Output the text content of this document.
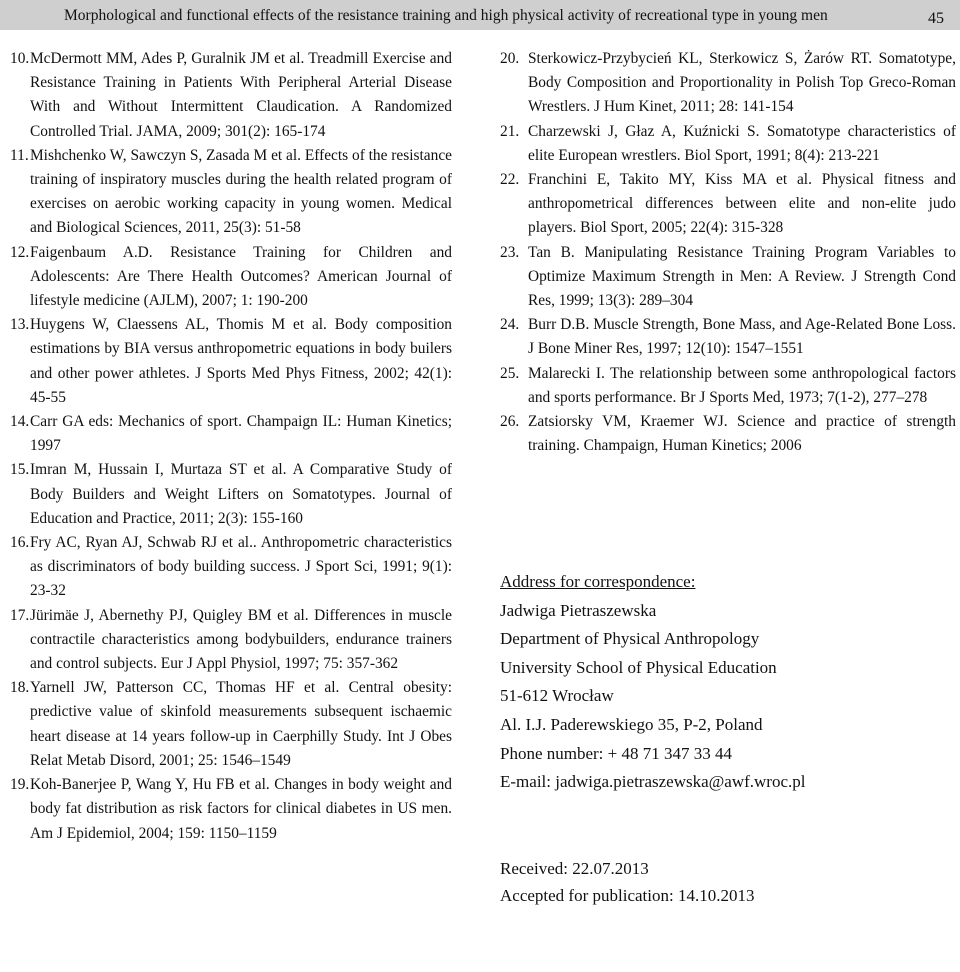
Morphological and functional effects of the resistance training and high physical activity of recreational type in young men	45
10. McDermott MM, Ades P, Guralnik JM et al. Treadmill Exercise and Resistance Training in Patients With Peripheral Arterial Disease With and Without Intermittent Claudication. A Randomized Controlled Trial. JAMA, 2009; 301(2): 165-174
11. Mishchenko W, Sawczyn S, Zasada M et al. Effects of the resistance training of inspiratory muscles during the health related program of exercises on aerobic working capacity in young women. Medical and Biological Sciences, 2011, 25(3): 51-58
12. Faigenbaum A.D. Resistance Training for Children and Adolescents: Are There Health Outcomes? American Journal of lifestyle medicine (AJLM), 2007; 1: 190-200
13. Huygens W, Claessens AL, Thomis M et al. Body composition estimations by BIA versus anthropometric equations in body builers and other power athletes. J Sports Med Phys Fitness, 2002; 42(1): 45-55
14. Carr GA eds: Mechanics of sport. Champaign IL: Human Kinetics; 1997
15. Imran M, Hussain I, Murtaza ST et al. A Comparative Study of Body Builders and Weight Lifters on Somatotypes. Journal of Education and Practice, 2011; 2(3): 155-160
16. Fry AC, Ryan AJ, Schwab RJ et al.. Anthropometric characteristics as discriminators of body building success. J Sport Sci, 1991; 9(1): 23-32
17. Jürimäe J, Abernethy PJ, Quigley BM et al. Differences in muscle contractile characteristics among bodybuilders, endurance trainers and control subjects. Eur J Appl Physiol, 1997; 75: 357-362
18. Yarnell JW, Patterson CC, Thomas HF et al. Central obesity: predictive value of skinfold measurements subsequent ischaemic heart disease at 14 years follow-up in Caerphilly Study. Int J Obes Relat Metab Disord, 2001; 25: 1546–1549
19. Koh-Banerjee P, Wang Y, Hu FB et al. Changes in body weight and body fat distribution as risk factors for clinical diabetes in US men. Am J Epidemiol, 2004; 159: 1150–1159
20. Sterkowicz-Przybycień KL, Sterkowicz S, Żarów RT. Somatotype, Body Composition and Proportionality in Polish Top Greco-Roman Wrestlers. J Hum Kinet, 2011; 28: 141-154
21. Charzewski J, Głaz A, Kuźnicki S. Somatotype characteristics of elite European wrestlers. Biol Sport, 1991; 8(4): 213-221
22. Franchini E, Takito MY, Kiss MA et al. Physical fitness and anthropometrical differences between elite and non-elite judo players. Biol Sport, 2005; 22(4): 315-328
23. Tan B. Manipulating Resistance Training Program Variables to Optimize Maximum Strength in Men: A Review. J Strength Cond Res, 1999; 13(3): 289–304
24. Burr D.B. Muscle Strength, Bone Mass, and Age-Related Bone Loss. J Bone Miner Res, 1997; 12(10): 1547–1551
25. Malarecki I. The relationship between some anthropological factors and sports performance. Br J Sports Med, 1973; 7(1-2), 277–278
26. Zatsiorsky VM, Kraemer WJ. Science and practice of strength training. Champaign, Human Kinetics; 2006
Address for correspondence:
Jadwiga Pietraszewska
Department of Physical Anthropology
University School of Physical Education
51-612 Wrocław
Al. I.J. Paderewskiego 35, P-2, Poland
Phone number: + 48 71 347 33 44
E-mail: jadwiga.pietraszewska@awf.wroc.pl
Received: 22.07.2013
Accepted for publication: 14.10.2013
